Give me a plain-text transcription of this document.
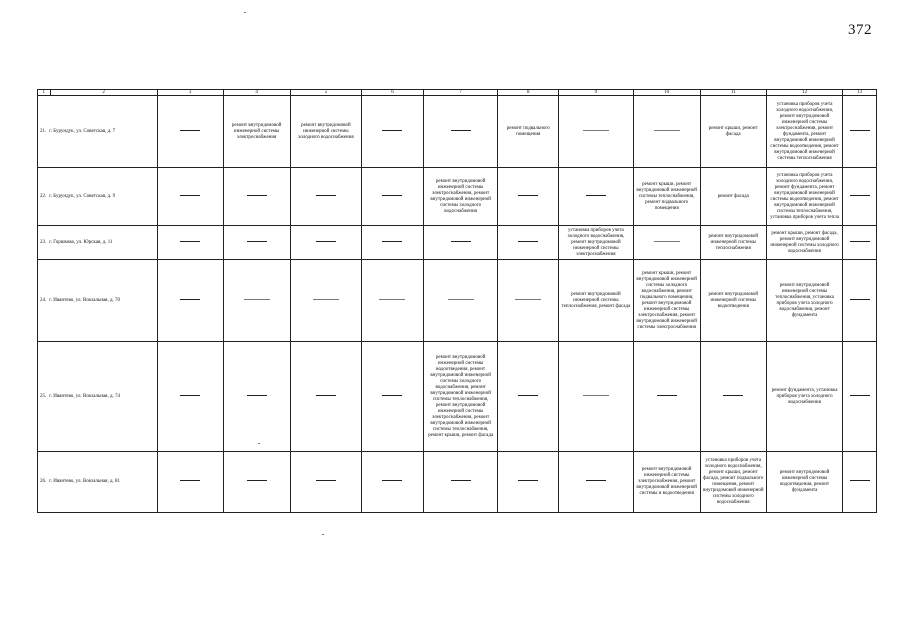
372
1	2	3	4	5	6	7	8	9	10	11	12	13
21. г. Бурундук, ул. Советская, д. 7			ремонт внутридомовой инженерной системы электроснабжения	ремонт внутридомовой инженерной системы холодного водоснабжения			ремонт подвального помещения			ремонт крыши, ремонт фасада	установка приборов учета холодного водоснабжения, ремонт внутридомовой инженерной системы электроснабжения, ремонт фундамента, ремонт внутридомовой инженерной системы водоотведения, ремонт внутридомовой инженерной системы теплоснабжения	
22. г. Бурундук, ул. Советская, д. 9						ремонт внутридомовой инженерной системы электроснабжения, ремонт внутридомовой инженерной системы холодного водоснабжения			ремонт крыши, ремонт внутридомовой инженерной системы теплоснабжения, ремонт подвального помещения	ремонт фасада	установка приборов учета холодного водоснабжения, ремонт фундамента, ремонт внутридомовой инженерной системы водоотведения, ремонт внутридомовой инженерной системы теплоснабжения, установка приборов учета тепла	
23. г. Горшкова, ул. Юрская, д. 11								установка приборов учета холодного водоснабжения, ремонт внутридомовой инженерной системы электроснабжения		ремонт внутридомовой инженерной системы теплоснабжения	ремонт крыши, ремонт фасада, ремонт внутридомовой инженерной системы холодного водоснабжения	
24. г. Ивантево, ул. Вокзальная, д. 70								ремонт внутридомовой инженерной системы теплоснабжения, ремонт фасада	ремонт крыши, ремонт внутридомовой инженерной системы холодного водоснабжения, ремонт подвального помещения, ремонт внутридомовой инженерной системы электроснабжения, ремонт внутридомовой инженерной системы электроснабжения	ремонт внутридомовой инженерной системы водоотведения	ремонт внутридомовой инженерной системы теплоснабжения, установка приборов учета холодного водоснабжения, ремонт фундамента	
25. г. Ивантево, ул. Вокзальная, д. 74						ремонт внутридомовой инженерной системы водоотведения, ремонт внутридомовой инженерной системы холодного водоснабжения, ремонт внутридомовой инженерной системы теплоснабжения, ремонт внутридомовой инженерной системы электроснабжения, ремонт внутридомовой инженерной системы теплоснабжения, ремонт крыши, ремонт фасада					ремонт фундамента, установка приборов учета холодного водоснабжения	
26. г. Ивантево, ул. Вокзальная, д. 81									ремонт внутридомовой инженерной системы электроснабжения, ремонт внутридомовой инженерной системы и водоотведения	установка приборов учета холодного водоснабжения, ремонт крыши, ремонт фасада, ремонт подвального помещения, ремонт внутридомовой инженерной системы холодного водоснабжения	ремонт внутридомовой инженерной системы водоотведения, ремонт фундамента	
